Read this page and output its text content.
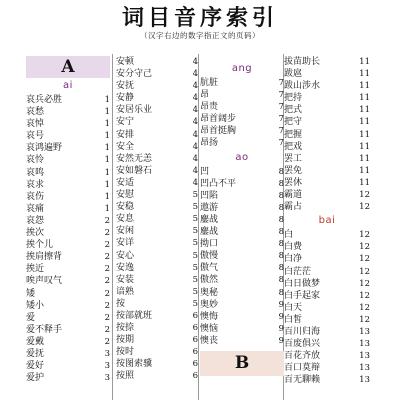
词目音序索引
（汉字右边的数字指正文的页码）
A
ai
哀兵必胜	1
哀愁	1
哀悼	1
哀号	1
哀鸿遍野	1
哀怜	1
哀鸣	1
哀求	1
哀伤	1
哀痛	1
哀怨	2
挨次	2
挨个儿	2
挨肩擦背	2
挨近	2
唉声叹气	2
矮	2
矮小	2
爱	2
爱不释手	2
爱戴	2
爱抚	3
爱好	3
爱护	3
安顿	4
安分守己	4
安抚	4
安静	4
安居乐业	4
安宁	4
安排	4
安全	4
安然无恙	4
安如磐石	4
安适	4
安慰	5
安稳	5
安息	5
安闲	5
安详	5
安心	5
安逸	5
安装	5
谙熟	5
按	5
按部就班	6
按捺	6
按期	6
按时	6
按图索骥	6
按照	6
ang
肮脏	7
昂	7
昂贵	7
昂首阔步	7
昂首挺胸	7
昂扬	7
ao
凹	8
凹凸不平	8
凹陷	8
遨游	8
鏖战	8
鏖战	8
拗口	8
傲慢	8
傲气	8
傲然	8
奥秘	8
奥妙	9
懊悔	9
懊恼	9
懊丧	9
B
拔苗助长	11
跋扈	11
跋山涉水	11
把持	11
把式	11
把守	11
把握	11
把戏	11
罢工	11
罢免	11
罢休	11
霸道	12
霸占	12
bai
白	12
白费	12
白净	12
白茫茫	12
白日做梦	12
白手起家	12
白天	12
白皙	12
百川归海	13
百废俱兴	13
百花齐放	13
百口莫辩	13
百无聊赖	13
